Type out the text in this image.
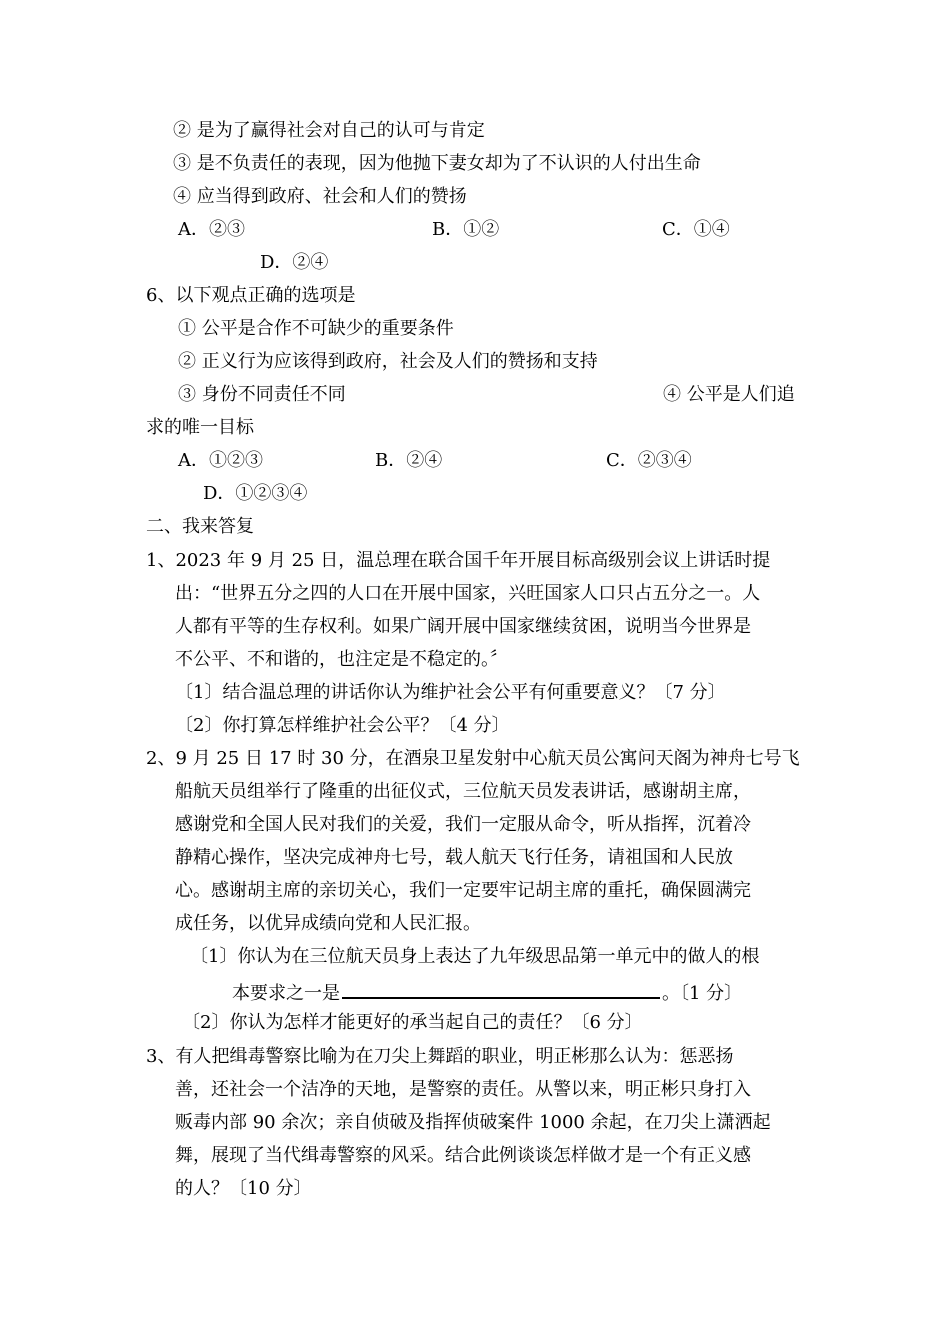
② 是为了赢得社会对自己的认可与肯定
③ 是不负责任的表现，因为他抛下妻女却为了不认识的人付出生命
④ 应当得到政府、社会和人们的赞扬
A．②③	B．①②	C．①④
D．②④
6、以下观点正确的选项是
① 公平是合作不可缺少的重要条件
② 正义行为应该得到政府，社会及人们的赞扬和支持
③ 身份不同责任不同	④ 公平是人们追
求的唯一目标
A．①②③	B．②④	C．②③④
D．①②③④
二、我来答复
1、2023 年 9 月 25 日，温总理在联合国千年开展目标高级别会议上讲话时提
出：“世界五分之四的人口在开展中国家，兴旺国家人口只占五分之一。人
人都有平等的生存权利。如果广阔开展中国家继续贫困，说明当今世界是
不公平、不和谐的，也注定是不稳定的。〞
〔1〕结合温总理的讲话你认为维护社会公平有何重要意义？〔7 分〕
〔2〕你打算怎样维护社会公平？〔4 分〕
2、9 月 25 日 17 时 30 分，在酒泉卫星发射中心航天员公寓问天阁为神舟七号飞
船航天员组举行了隆重的出征仪式，三位航天员发表讲话，感谢胡主席，
感谢党和全国人民对我们的关爱，我们一定服从命令，听从指挥，沉着冷
静精心操作，坚决完成神舟七号，载人航天飞行任务，请祖国和人民放
心。感谢胡主席的亲切关心，我们一定要牢记胡主席的重托，确保圆满完
成任务，以优异成绩向党和人民汇报。
〔1〕你认为在三位航天员身上表达了九年级思品第一单元中的做人的根
本要求之一是	。〔1 分〕
〔2〕你认为怎样才能更好的承当起自己的责任？〔6 分〕
3、有人把缉毒警察比喻为在刀尖上舞蹈的职业，明正彬那么认为：惩恶扬
善，还社会一个洁净的天地，是警察的责任。从警以来，明正彬只身打入
贩毒内部 90 余次；亲自侦破及指挥侦破案件 1000 余起，在刀尖上潇洒起
舞，展现了当代缉毒警察的风采。结合此例谈谈怎样做才是一个有正义感
的人？〔10 分〕
